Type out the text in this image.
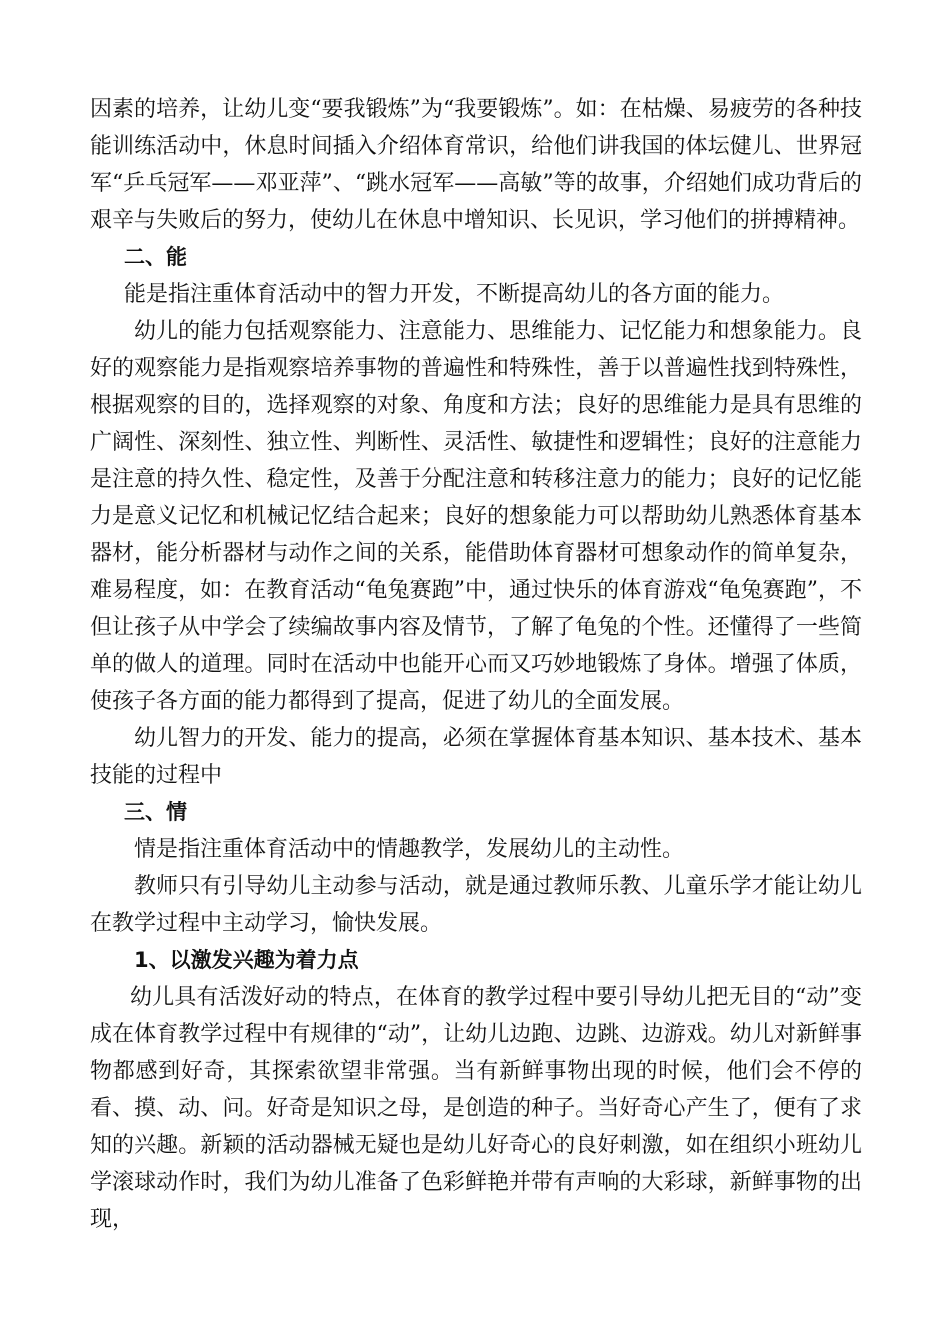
因素的培养，让幼儿变“要我锻炼”为“我要锻炼”。如：在枯燥、易疲劳的各种技能训练活动中，休息时间插入介绍体育常识，给他们讲我国的体坛健儿、世界冠军“乒乓冠军——邓亚萍”、“跳水冠军——高敏”等的故事，介绍她们成功背后的艰辛与失败后的努力，使幼儿在休息中增知识、长见识，学习他们的拼搏精神。

二、能

能是指注重体育活动中的智力开发，不断提高幼儿的各方面的能力。

幼儿的能力包括观察能力、注意能力、思维能力、记忆能力和想象能力。良好的观察能力是指观察培养事物的普遍性和特殊性，善于以普遍性找到特殊性，根据观察的目的，选择观察的对象、角度和方法；良好的思维能力是具有思维的广阔性、深刻性、独立性、判断性、灵活性、敏捷性和逻辑性；良好的注意能力是注意的持久性、稳定性，及善于分配注意和转移注意力的能力；良好的记忆能力是意义记忆和机械记忆结合起来；良好的想象能力可以帮助幼儿熟悉体育基本器材，能分析器材与动作之间的关系，能借助体育器材可想象动作的简单复杂，难易程度，如：在教育活动“龟兔赛跑”中，通过快乐的体育游戏“龟兔赛跑”，不但让孩子从中学会了续编故事内容及情节，了解了龟兔的个性。还懂得了一些简单的做人的道理。同时在活动中也能开心而又巧妙地锻炼了身体。增强了体质，使孩子各方面的能力都得到了提高，促进了幼儿的全面发展。

幼儿智力的开发、能力的提高，必须在掌握体育基本知识、基本技术、基本技能的过程中

三、情

情是指注重体育活动中的情趣教学，发展幼儿的主动性。

教师只有引导幼儿主动参与活动，就是通过教师乐教、儿童乐学才能让幼儿在教学过程中主动学习，愉快发展。

1、以激发兴趣为着力点

幼儿具有活泼好动的特点，在体育的教学过程中要引导幼儿把无目的“动”变成在体育教学过程中有规律的“动”，让幼儿边跑、边跳、边游戏。幼儿对新鲜事物都感到好奇，其探索欲望非常强。当有新鲜事物出现的时候，他们会不停的看、摸、动、问。好奇是知识之母，是创造的种子。当好奇心产生了，便有了求知的兴趣。新颖的活动器械无疑也是幼儿好奇心的良好刺激，如在组织小班幼儿学滚球动作时，我们为幼儿准备了色彩鲜艳并带有声响的大彩球，新鲜事物的出现，
